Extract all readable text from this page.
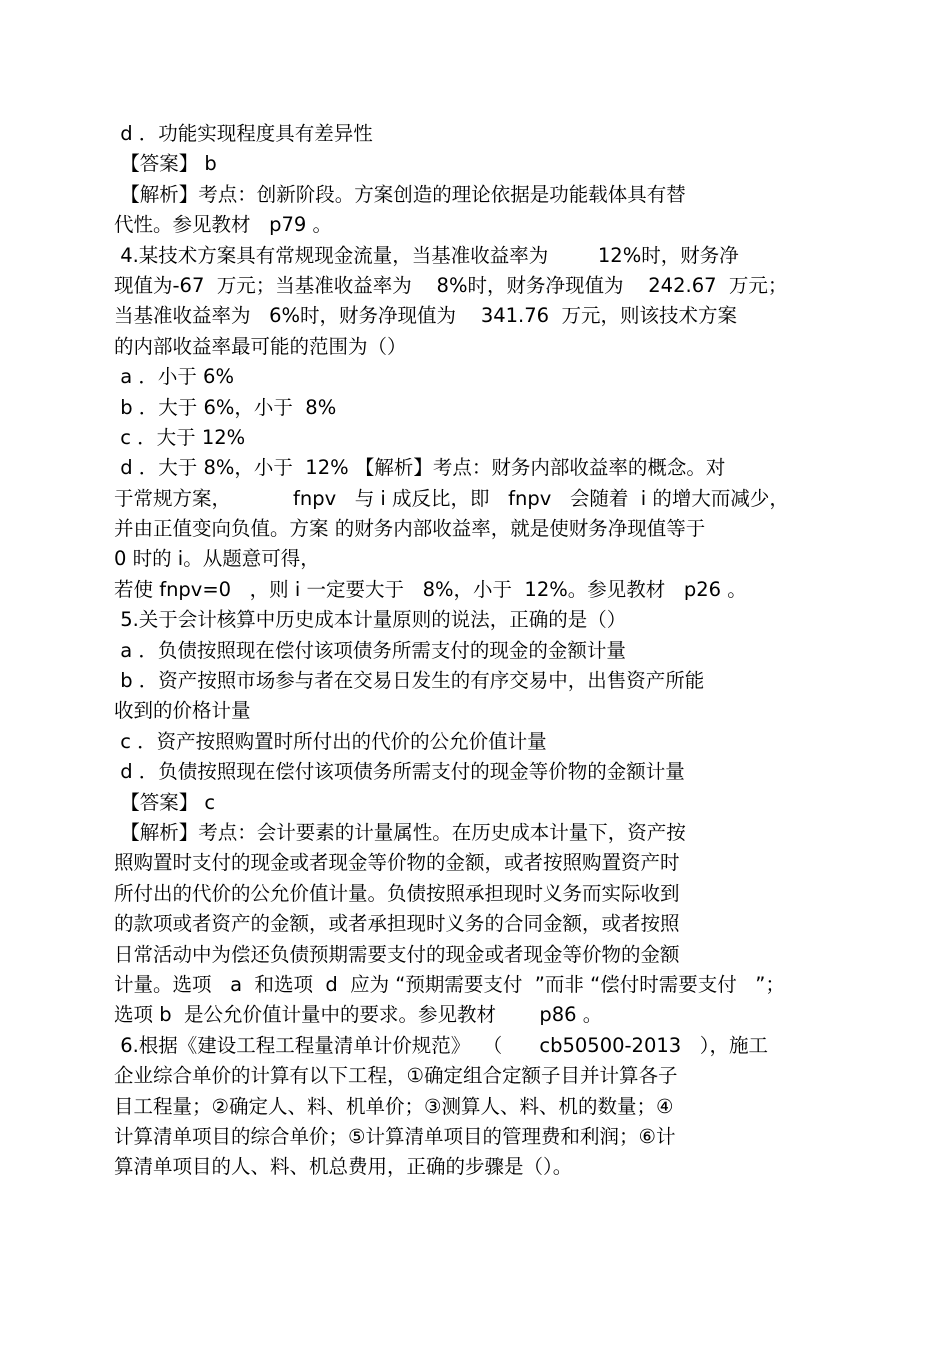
d ．功能实现程度具有差异性
【答案】 b
【解析】考点：创新阶段。方案创造的理论依据是功能载体具有替
代性。参见教材   p79 。
4.某技术方案具有常规现金流量，当基准收益率为        12%时，财务净
现值为-67  万元；当基准收益率为    8%时，财务净现值为    242.67  万元；
当基准收益率为   6%时，财务净现值为    341.76  万元，则该技术方案
的内部收益率最可能的范围为（）
a ．小于 6%
b ．大于 6%，小于  8%
c ．大于 12%
d ．大于 8%，小于  12% 【解析】考点：财务内部收益率的概念。对
于常规方案，          fnpv   与 i 成反比，即   fnpv   会随着  i 的增大而减少，
并由正值变向负值。方案 的财务内部收益率，就是使财务净现值等于
0 时的 i。从题意可得，
若使 fnpv=0   ，则 i 一定要大于   8%，小于  12%。参见教材   p26 。
5.关于会计核算中历史成本计量原则的说法，正确的是（）
a ．负债按照现在偿付该项债务所需支付的现金的金额计量
b ．资产按照市场参与者在交易日发生的有序交易中，出售资产所能
收到的价格计量
c ．资产按照购置时所付出的代价的公允价值计量
d ．负债按照现在偿付该项债务所需支付的现金等价物的金额计量
【答案】 c
【解析】考点：会计要素的计量属性。在历史成本计量下，资产按
照购置时支付的现金或者现金等价物的金额，或者按照购置资产时
所付出的代价的公允价值计量。负债按照承担现时义务而实际收到
的款项或者资产的金额，或者承担现时义务的合同金额，或者按照
日常活动中为偿还负债预期需要支付的现金或者现金等价物的金额
计量。选项   a  和选项  d  应为 “预期需要支付  ”而非 “偿付时需要支付   ”；
选项 b  是公允价值计量中的要求。参见教材       p86 。
6.根据《建设工程工程量清单计价规范》  （      cb50500-2013   ），施工
企业综合单价的计算有以下工程，①确定组合定额子目并计算各子
目工程量；②确定人、料、机单价；③测算人、料、机的数量；④
计算清单项目的综合单价；⑤计算清单项目的管理费和利润；⑥计
算清单项目的人、料、机总费用，正确的步骤是（）。
